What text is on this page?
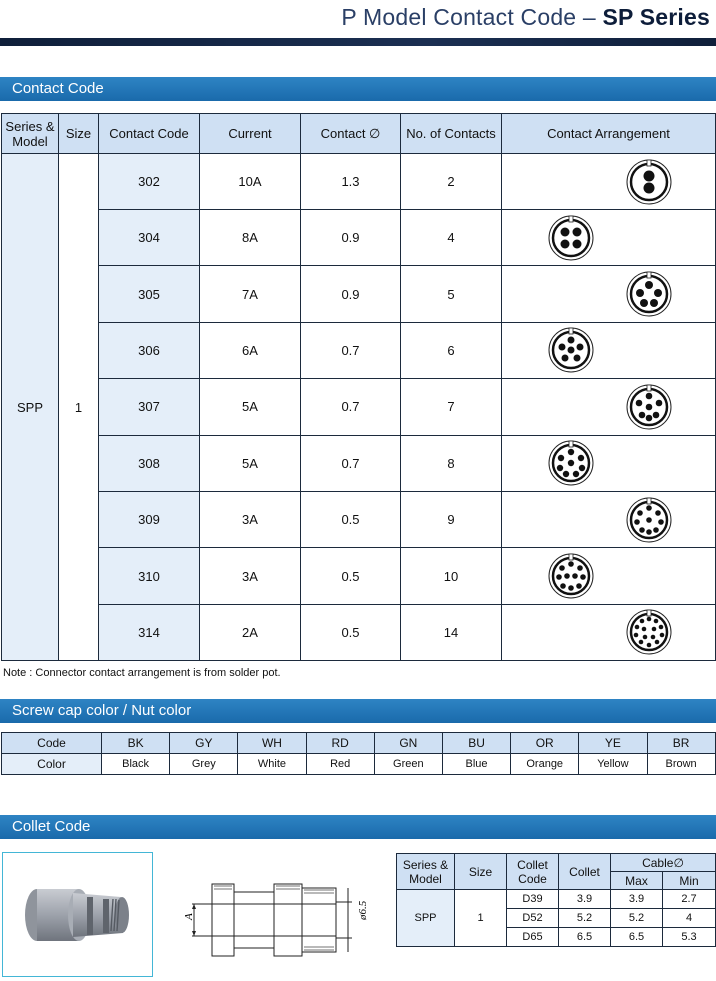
P Model Contact Code – SP Series
Contact Code
Series & Model	Size	Contact Code	Current	Contact ∅	No. of Contacts	Contact Arrangement
SPP	1	302	10A	1.3	2	

		304	8A	0.9	4	

		305	7A	0.9	5	

		306	6A	0.7	6	

		307	5A	0.7	7	

		308	5A	0.7	8	

		309	3A	0.5	9	

		310	3A	0.5	10	

		314	2A	0.5	14	
Note : Connector contact arrangement is from solder pot.
Screw cap color / Nut color
Code	BK	GY	WH	RD	GN	BU	OR	YE	BR
Color	Black	Grey	White	Red	Green	Blue	Orange	Yellow	Brown
Collet Code
A	ø6.5
Series & Model	Size	Collet Code	Collet	Cable∅	
				Max	Min
SPP	1	D39	3.9	3.9	2.7
		D52	5.2	5.2	4
		D65	6.5	6.5	5.3
